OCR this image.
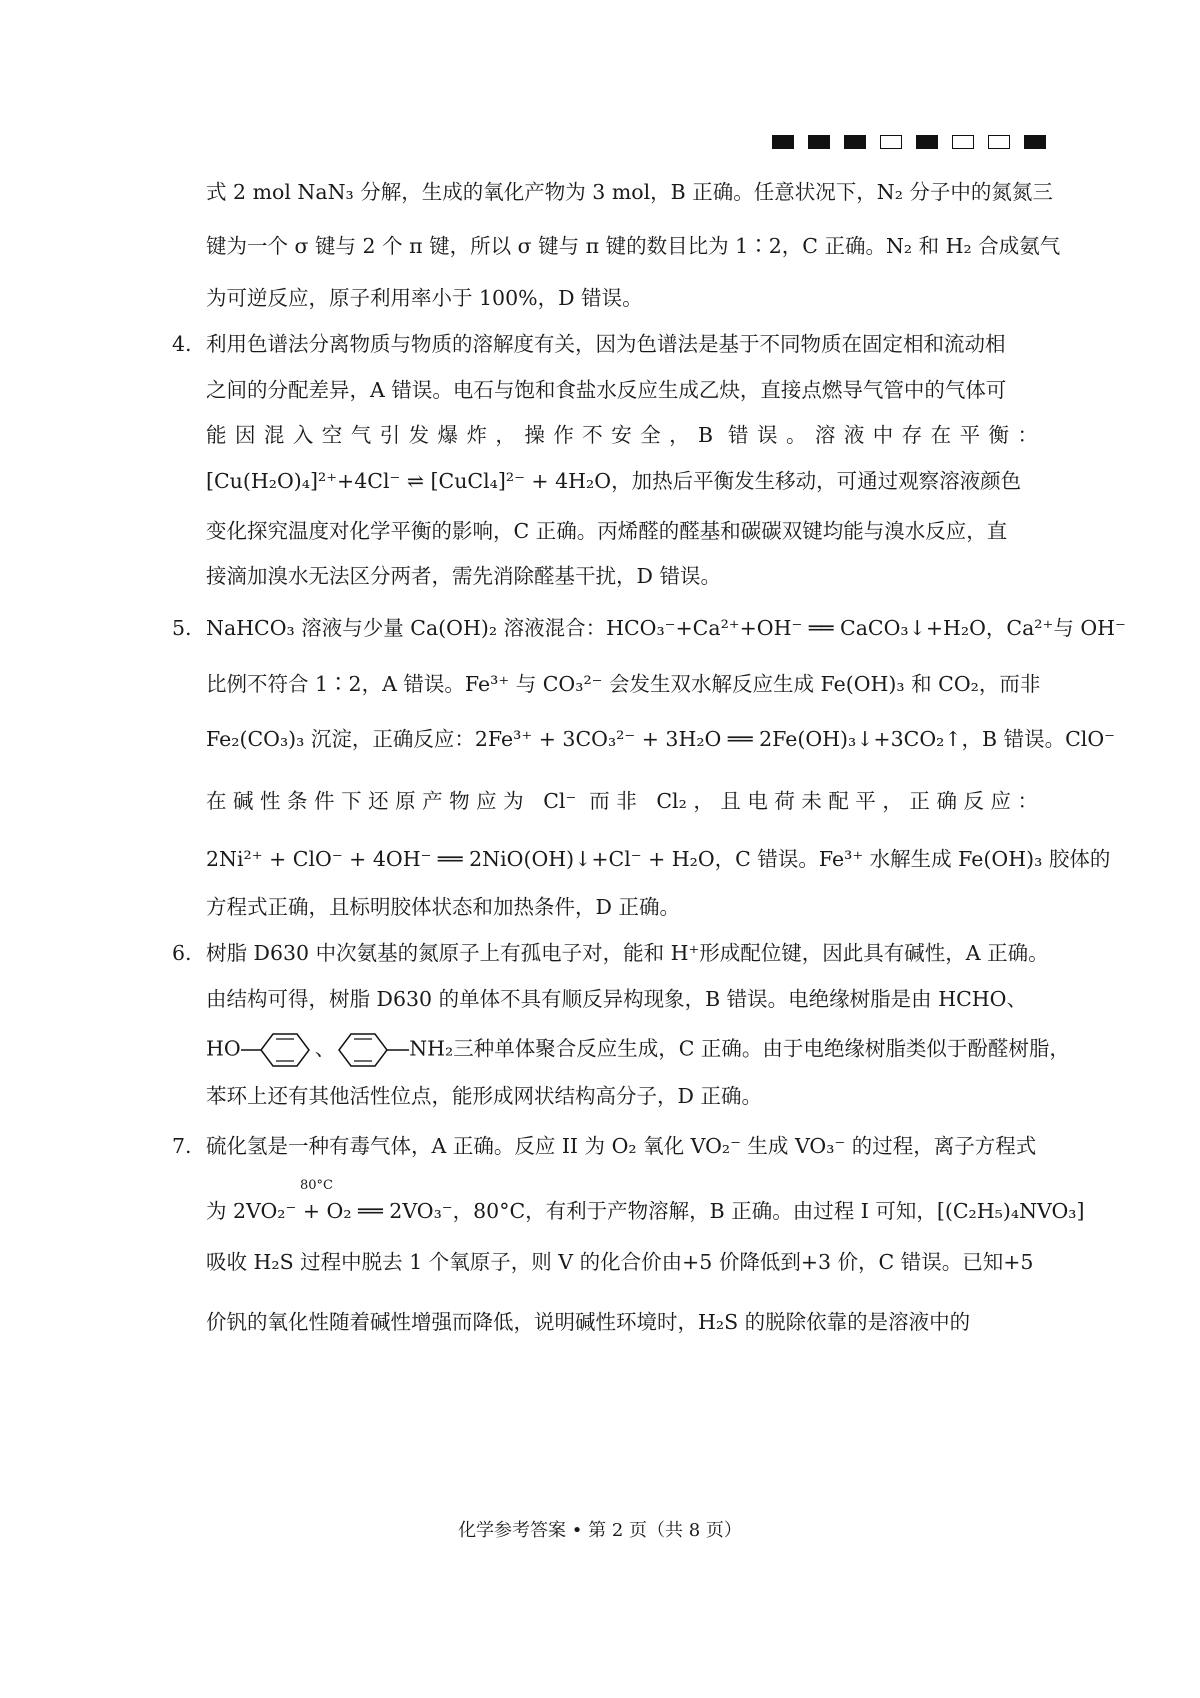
式 2 mol NaN₃ 分解，生成的氧化产物为 3 mol，B 正确。任意状况下，N₂ 分子中的氮氮三
键为一个 σ 键与 2 个 π 键，所以 σ 键与 π 键的数目比为 1∶2，C 正确。N₂ 和 H₂ 合成氨气
为可逆反应，原子利用率小于 100%，D 错误。
4. 利用色谱法分离物质与物质的溶解度有关，因为色谱法是基于不同物质在固定相和流动相
之间的分配差异，A 错误。电石与饱和食盐水反应生成乙炔，直接点燃导气管中的气体可
能因混入空气引发爆炸，操作不安全，B 错误。溶液中存在平衡：
[Cu(H₂O)₄]²⁺+4Cl⁻ ⇌ [CuCl₄]²⁻ + 4H₂O，加热后平衡发生移动，可通过观察溶液颜色
变化探究温度对化学平衡的影响，C 正确。丙烯醛的醛基和碳碳双键均能与溴水反应，直
接滴加溴水无法区分两者，需先消除醛基干扰，D 错误。
5. NaHCO₃ 溶液与少量 Ca(OH)₂ 溶液混合：HCO₃⁻+Ca²⁺+OH⁻ ══ CaCO₃↓+H₂O，Ca²⁺与 OH⁻
比例不符合 1∶2，A 错误。Fe³⁺ 与 CO₃²⁻ 会发生双水解反应生成 Fe(OH)₃ 和 CO₂，而非
Fe₂(CO₃)₃ 沉淀，正确反应：2Fe³⁺ + 3CO₃²⁻ + 3H₂O ══ 2Fe(OH)₃↓+3CO₂↑，B 错误。ClO⁻
在碱性条件下还原产物应为 Cl⁻ 而非 Cl₂，且电荷未配平，正确反应：
2Ni²⁺ + ClO⁻ + 4OH⁻ ══ 2NiO(OH)↓+Cl⁻ + H₂O，C 错误。Fe³⁺ 水解生成 Fe(OH)₃ 胶体的
方程式正确，且标明胶体状态和加热条件，D 正确。
6. 树脂 D630 中次氨基的氮原子上有孤电子对，能和 H⁺形成配位键，因此具有碱性，A 正确。
由结构可得，树脂 D630 的单体不具有顺反异构现象，B 错误。电绝缘树脂是由 HCHO、
HO	、	NH₂三种单体聚合反应生成，C 正确。由于电绝缘树脂类似于酚醛树脂，
苯环上还有其他活性位点，能形成网状结构高分子，D 正确。
7. 硫化氢是一种有毒气体，A 正确。反应 II 为 O₂ 氧化 VO₂⁻ 生成 VO₃⁻ 的过程，离子方程式
80°C
为 2VO₂⁻ + O₂ ══ 2VO₃⁻，80°C，有利于产物溶解，B 正确。由过程 I 可知，[(C₂H₅)₄NVO₃]
吸收 H₂S 过程中脱去 1 个氧原子，则 V 的化合价由+5 价降低到+3 价，C 错误。已知+5
价钒的氧化性随着碱性增强而降低，说明碱性环境时，H₂S 的脱除依靠的是溶液中的
化学参考答案 • 第 2 页（共 8 页）
